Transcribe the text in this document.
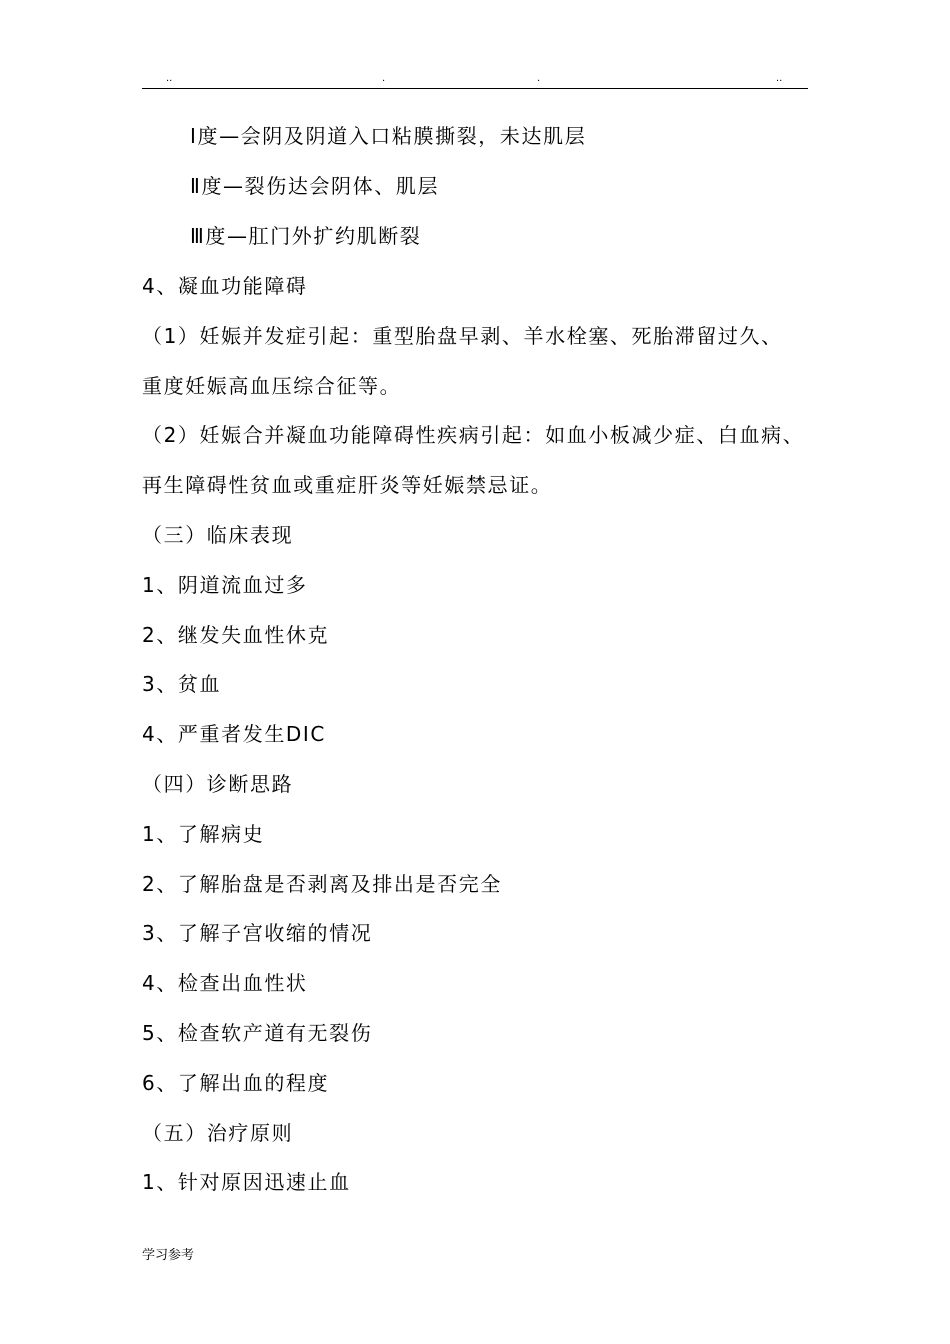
..	.	.	..
Ⅰ度—会阴及阴道入口粘膜撕裂，未达肌层
Ⅱ度—裂伤达会阴体、肌层
Ⅲ度—肛门外扩约肌断裂
4、凝血功能障碍
（1）妊娠并发症引起：重型胎盘早剥、羊水栓塞、死胎滞留过久、
重度妊娠高血压综合征等。
（2）妊娠合并凝血功能障碍性疾病引起：如血小板减少症、白血病、
再生障碍性贫血或重症肝炎等妊娠禁忌证。
（三）临床表现
1、阴道流血过多
2、继发失血性休克
3、贫血
4、严重者发生DIC
（四）诊断思路
1、了解病史
2、了解胎盘是否剥离及排出是否完全
3、了解子宫收缩的情况
4、检查出血性状
5、检查软产道有无裂伤
6、了解出血的程度
（五）治疗原则
1、针对原因迅速止血
学习参考
